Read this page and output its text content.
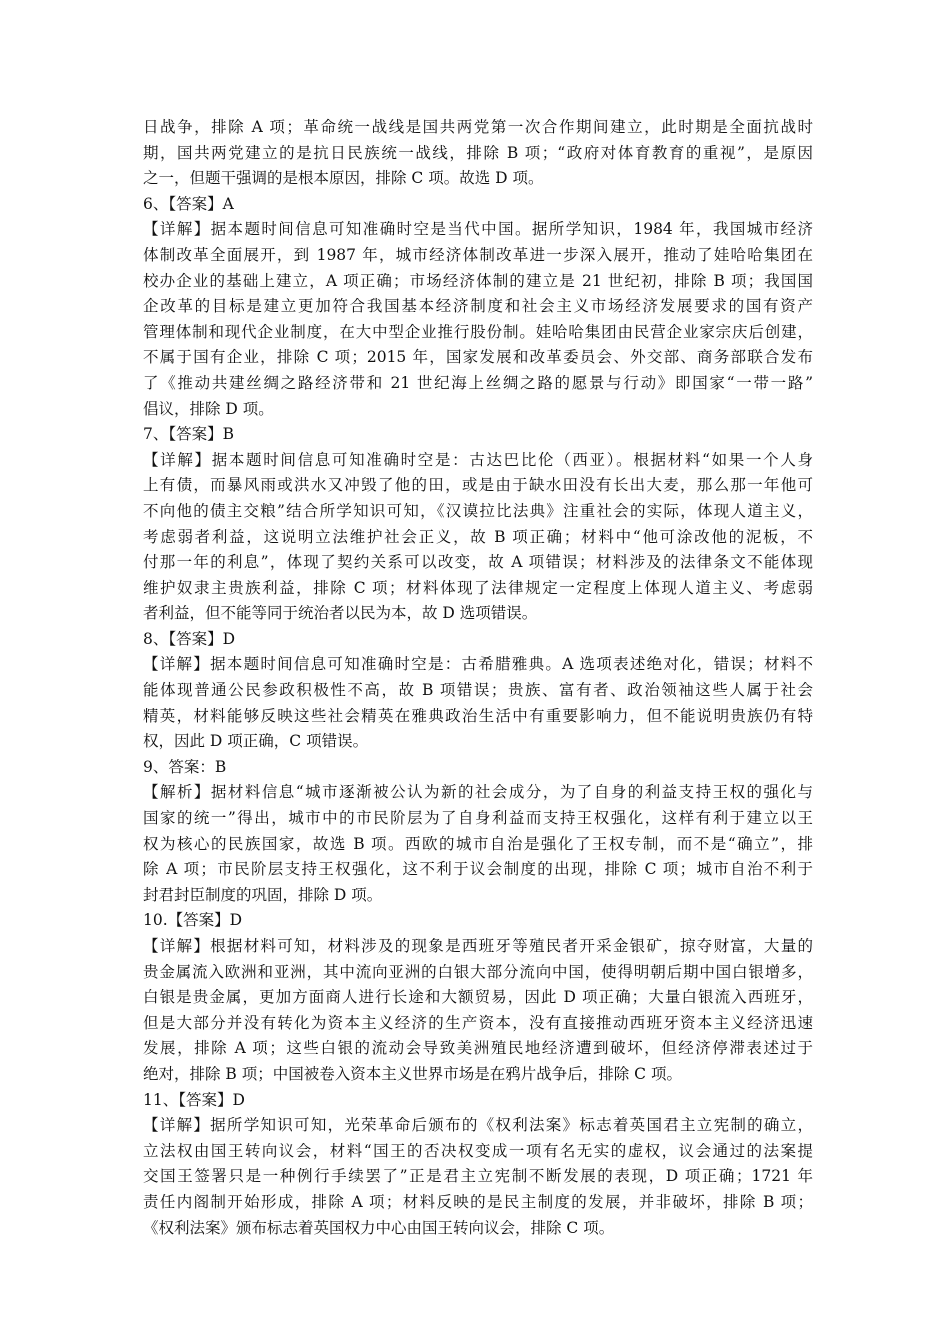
日战争，排除 A 项；革命统一战线是国共两党第一次合作期间建立，此时期是全面抗战时
期，国共两党建立的是抗日民族统一战线，排除 B 项；“政府对体育教育的重视”，是原因
之一，但题干强调的是根本原因，排除 C 项。故选 D 项。
6、【答案】A
【详解】据本题时间信息可知准确时空是当代中国。据所学知识，1984 年，我国城市经济
体制改革全面展开，到 1987 年，城市经济体制改革进一步深入展开，推动了娃哈哈集团在
校办企业的基础上建立，A 项正确；市场经济体制的建立是 21 世纪初，排除 B 项；我国国
企改革的目标是建立更加符合我国基本经济制度和社会主义市场经济发展要求的国有资产
管理体制和现代企业制度，在大中型企业推行股份制。娃哈哈集团由民营企业家宗庆后创建，
不属于国有企业，排除 C 项；2015 年，国家发展和改革委员会、外交部、商务部联合发布
了《推动共建丝绸之路经济带和 21 世纪海上丝绸之路的愿景与行动》即国家“一带一路”
倡议，排除 D 项。
7、【答案】B
【详解】据本题时间信息可知准确时空是：古达巴比伦（西亚）。根据材料“如果一个人身
上有债，而暴风雨或洪水又冲毁了他的田，或是由于缺水田没有长出大麦，那么那一年他可
不向他的债主交粮”结合所学知识可知，《汉谟拉比法典》注重社会的实际，体现人道主义，
考虑弱者利益，这说明立法维护社会正义，故 B 项正确；材料中“他可涂改他的泥板，不
付那一年的利息”，体现了契约关系可以改变，故 A 项错误；材料涉及的法律条文不能体现
维护奴隶主贵族利益，排除 C 项；材料体现了法律规定一定程度上体现人道主义、考虑弱
者利益，但不能等同于统治者以民为本，故 D 选项错误。
8、【答案】D
【详解】据本题时间信息可知准确时空是：古希腊雅典。A 选项表述绝对化，错误；材料不
能体现普通公民参政积极性不高，故 B 项错误；贵族、富有者、政治领袖这些人属于社会
精英，材料能够反映这些社会精英在雅典政治生活中有重要影响力，但不能说明贵族仍有特
权，因此 D 项正确，C 项错误。
9、答案：B
【解析】据材料信息“城市逐渐被公认为新的社会成分，为了自身的利益支持王权的强化与
国家的统一”得出，城市中的市民阶层为了自身利益而支持王权强化，这样有利于建立以王
权为核心的民族国家，故选 B 项。西欧的城市自治是强化了王权专制，而不是“确立”，排
除 A 项；市民阶层支持王权强化，这不利于议会制度的出现，排除 C 项；城市自治不利于
封君封臣制度的巩固，排除 D 项。
10.【答案】D
【详解】根据材料可知，材料涉及的现象是西班牙等殖民者开采金银矿，掠夺财富，大量的
贵金属流入欧洲和亚洲，其中流向亚洲的白银大部分流向中国，使得明朝后期中国白银增多，
白银是贵金属，更加方面商人进行长途和大额贸易，因此 D 项正确；大量白银流入西班牙，
但是大部分并没有转化为资本主义经济的生产资本，没有直接推动西班牙资本主义经济迅速
发展，排除 A 项；这些白银的流动会导致美洲殖民地经济遭到破坏，但经济停滞表述过于
绝对，排除 B 项；中国被卷入资本主义世界市场是在鸦片战争后，排除 C 项。
11、【答案】D
【详解】据所学知识可知，光荣革命后颁布的《权利法案》标志着英国君主立宪制的确立，
立法权由国王转向议会，材料“国王的否决权变成一项有名无实的虚权，议会通过的法案提
交国王签署只是一种例行手续罢了”正是君主立宪制不断发展的表现，D 项正确；1721 年
责任内阁制开始形成，排除 A 项；材料反映的是民主制度的发展，并非破坏，排除 B 项；
《权利法案》颁布标志着英国权力中心由国王转向议会，排除 C 项。
